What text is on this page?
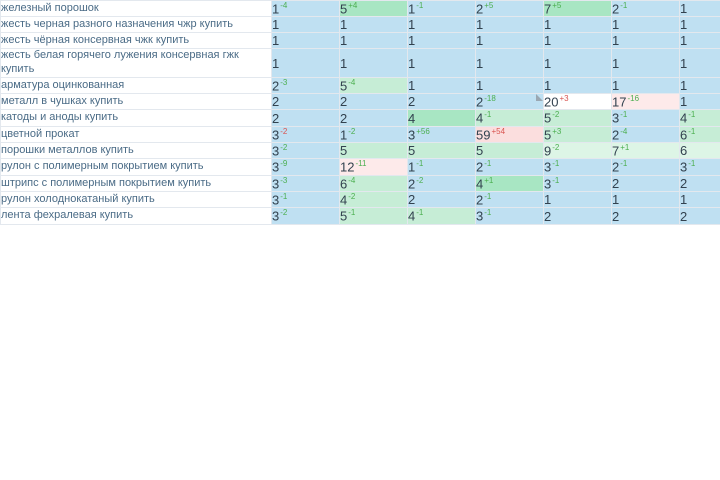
железный порошок	$1^{-4}$	$5^{+4}$	$1^{-1}$	$2^{+5}$	$7^{+5}$	$2^{-1}$	1

жесть черная разного назначения чжр купить	1	1	1	1	1	1	1

жесть чёрная консервная чжк купить	1	1	1	1	1	1	1

жесть белая горячего лужения консервная гжк купить	1	1	1	1	1	1	1

арматура оцинкованная	$2^{-3}$	$5^{-4}$	1	1	1	1	1

металл в чушках купить	2	2	2	$2^{-18}$	$20^{+3}$	$17^{-16}$	1

катоды и аноды купить	2	2	4	$4^{-1}$	$5^{-2}$	$3^{-1}$	$4^{-1}$

цветной прокат	$3^{-2}$	$1^{-2}$	$3^{+56}$	$59^{+54}$	$5^{+3}$	$2^{-4}$	$6^{-1}$

порошки металлов купить	$3^{-2}$	5	5	5	$9^{-2}$	$7^{+1}$	6

рулон с полимерным покрытием купить	$3^{-9}$	$12^{-11}$	$1^{-1}$	$2^{-1}$	$3^{-1}$	$2^{-1}$	$3^{-1}$

штрипс с полимерным покрытием купить	$3^{-3}$	$6^{-4}$	$2^{-2}$	$4^{+1}$	$3^{-1}$	2	2

рулон холоднокатаный купить	$3^{-1}$	$4^{-2}$	2	$2^{-1}$	1	1	1

лента фехралевая купить	$3^{-2}$	$5^{-1}$	$4^{-1}$	$3^{-1}$	2	2	2
